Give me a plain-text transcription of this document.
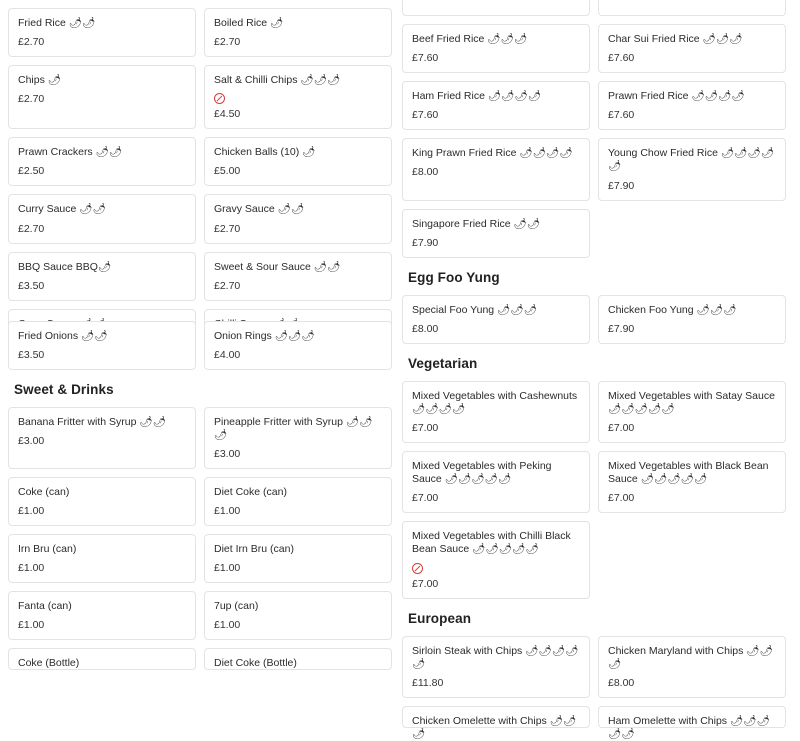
Fried Rice 🌶🌶
£2.70
Boiled Rice 🌶
£2.70
Chips 🌶
£2.70
Salt & Chilli Chips 🌶🌶🌶
£4.50
Prawn Crackers 🌶🌶
£2.50
Chicken Balls (10) 🌶
£5.00
Curry Sauce 🌶🌶
£2.70
Gravy Sauce 🌶🌶
£2.70
BBQ Sauce BBQ🌶
£3.50
Sweet & Sour Sauce 🌶🌶
£2.70
Fried Onions 🌶🌶
£3.50
Onion Rings 🌶🌶🌶
£4.00
Sweet & Drinks
Banana Fritter with Syrup 🌶🌶
£3.00
Pineapple Fritter with Syrup 🌶🌶🌶
£3.00
Coke (can)
£1.00
Diet Coke (can)
£1.00
Irn Bru (can)
£1.00
Diet Irn Bru (can)
£1.00
Fanta (can)
£1.00
7up (can)
£1.00
Coke (Bottle)	Diet Coke (Bottle)
Beef Fried Rice 🌶🌶🌶
£7.60
Char Sui Fried Rice 🌶🌶🌶
£7.60
Ham Fried Rice 🌶🌶🌶🌶
£7.60
Prawn Fried Rice 🌶🌶🌶🌶
£7.60
King Prawn Fried Rice 🌶🌶🌶🌶
£8.00
Young Chow Fried Rice 🌶🌶🌶🌶🌶
£7.90
Singapore Fried Rice 🌶🌶
£7.90
Egg Foo Yung
Special Foo Yung 🌶🌶🌶
£8.00
Chicken Foo Yung 🌶🌶🌶
£7.90
Vegetarian
Mixed Vegetables with Cashewnuts 🌶🌶🌶🌶
£7.00
Mixed Vegetables with Satay Sauce 🌶🌶🌶🌶🌶
£7.00
Mixed Vegetables with Peking Sauce 🌶🌶🌶🌶🌶
£7.00
Mixed Vegetables with Black Bean Sauce 🌶🌶🌶🌶🌶
£7.00
Mixed Vegetables with Chilli Black Bean Sauce 🌶🌶🌶🌶🌶
£7.00
European
Sirloin Steak with Chips 🌶🌶🌶🌶🌶
£11.80
Chicken Maryland with Chips 🌶🌶🌶
£8.00
Chicken Omelette with Chips 🌶🌶🌶
Ham Omelette with Chips 🌶🌶🌶🌶🌶
